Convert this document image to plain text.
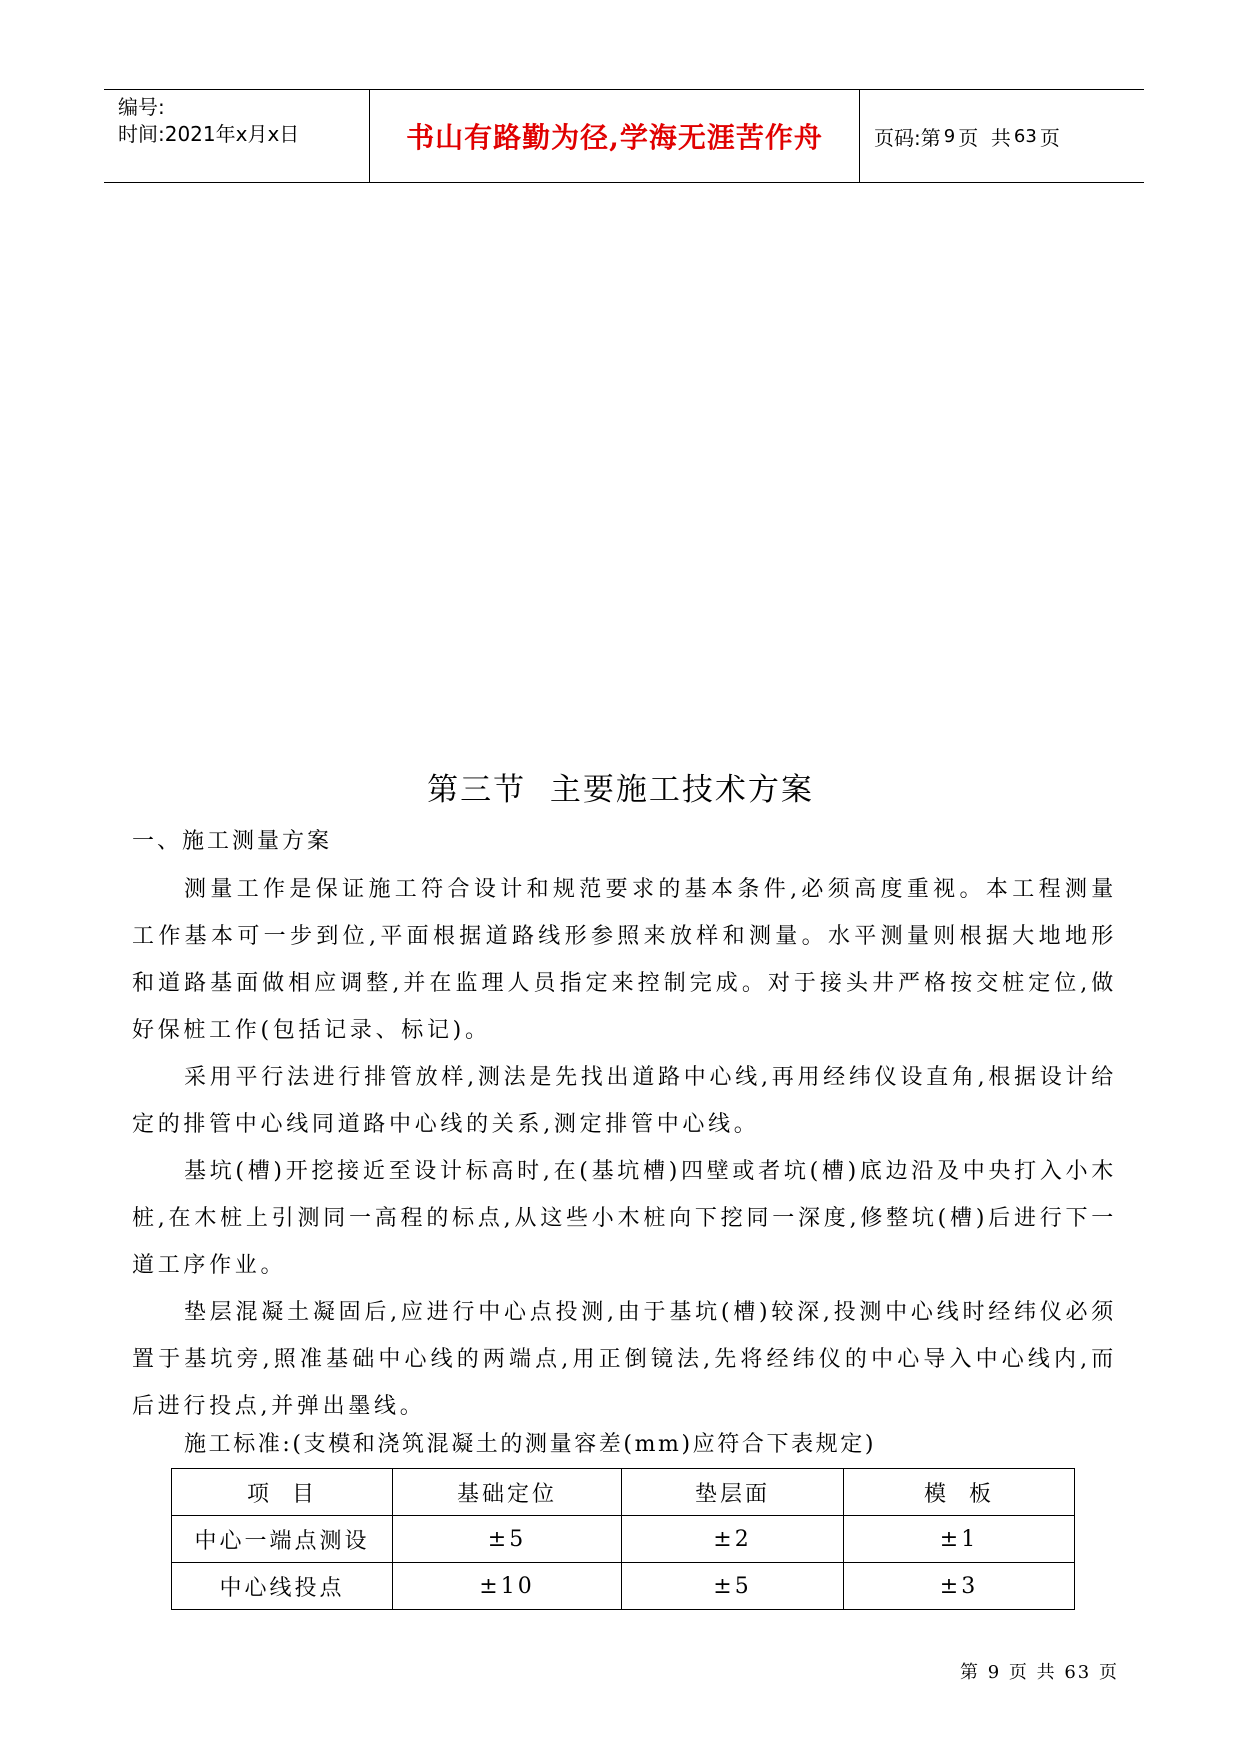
编号:
时间:2021年x月x日	书山有路勤为径,学海无涯苦作舟	页码:第 9 页  共 63 页
第三节  主要施工技术方案
一、施工测量方案

测量工作是保证施工符合设计和规范要求的基本条件,必须高度重视。本工程测量工作基本可一步到位,平面根据道路线形参照来放样和测量。水平测量则根据大地地形和道路基面做相应调整,并在监理人员指定来控制完成。对于接头井严格按交桩定位,做好保桩工作(包括记录、标记)。

采用平行法进行排管放样,测法是先找出道路中心线,再用经纬仪设直角,根据设计给定的排管中心线同道路中心线的关系,测定排管中心线。

基坑(槽)开挖接近至设计标高时,在(基坑槽)四壁或者坑(槽)底边沿及中央打入小木桩,在木桩上引测同一高程的标点,从这些小木桩向下挖同一深度,修整坑(槽)后进行下一道工序作业。

垫层混凝土凝固后,应进行中心点投测,由于基坑(槽)较深,投测中心线时经纬仪必须置于基坑旁,照准基础中心线的两端点,用正倒镜法,先将经纬仪的中心导入中心线内,而后进行投点,并弹出墨线。

施工标准:(支模和浇筑混凝土的测量容差(mm)应符合下表规定)
项  目	基础定位	垫层面	模  板
中心一端点测设	±5	±2	±1
中心线投点	±10	±5	±3
第 9 页 共 63 页
